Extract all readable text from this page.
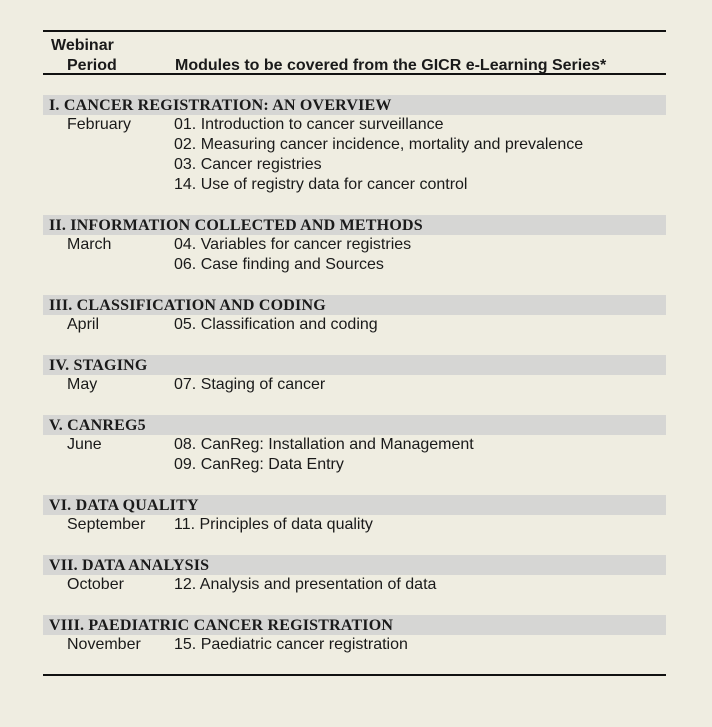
Webinar
Period	Modules to be covered from the GICR e-Learning Series*
I. CANCER REGISTRATION: AN OVERVIEW
February	01. Introduction to cancer surveillance
02. Measuring cancer incidence, mortality and prevalence
03. Cancer registries
14. Use of registry data for cancer control
II. INFORMATION COLLECTED AND METHODS
March	04. Variables for cancer registries
06. Case finding and Sources
III. CLASSIFICATION AND CODING
April	05. Classification and coding
IV. STAGING
May	07. Staging of cancer
V. CANREG5
June	08. CanReg: Installation and Management
09. CanReg: Data Entry
VI. DATA QUALITY
September 11. Principles of data quality
VII. DATA ANALYSIS
October	12. Analysis and presentation of data
VIII. PAEDIATRIC CANCER REGISTRATION
November 15. Paediatric cancer registration
